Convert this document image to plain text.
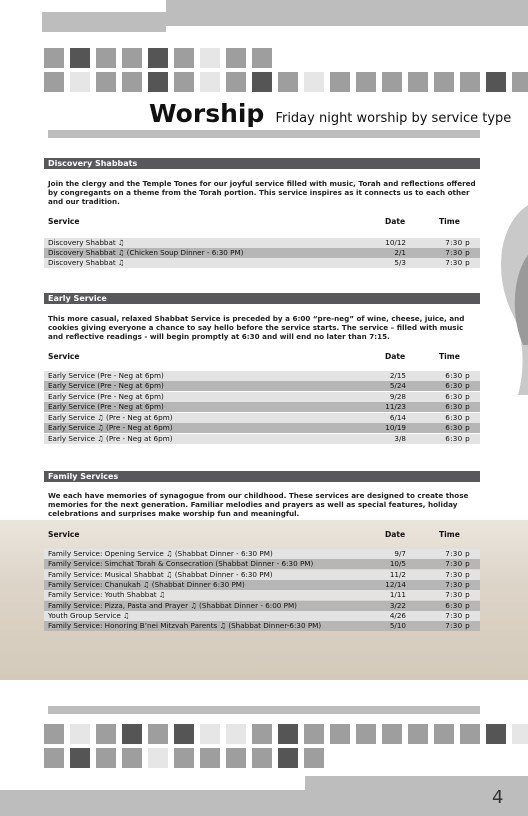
Worship Friday night worship by service type
Discovery Shabbats
Join the clergy and the Temple Tones for our joyful service filled with music, Torah and reflections offered by congregants on a theme from the Torah portion. This service inspires as it connects us to each other and our tradition.
Service	Date	Time
Discovery Shabbat ♫	10/12	7:30 p
Discovery Shabbat ♫ (Chicken Soup Dinner - 6:30 PM)	2/1	7:30 p
Discovery Shabbat ♫	5/3	7:30 p
Early Service
This more casual, relaxed Shabbat Service is preceded by a 6:00 “pre-neg” of wine, cheese, juice, and cookies giving everyone a chance to say hello before the service starts. The service – filled with music and reflective readings - will begin promptly at 6:30 and will end no later than 7:15.
Service	Date	Time
Early Service (Pre - Neg at 6pm)	2/15	6:30 p
Early Service (Pre - Neg at 6pm)	5/24	6:30 p
Early Service (Pre - Neg at 6pm)	9/28	6:30 p
Early Service (Pre - Neg at 6pm)	11/23	6:30 p
Early Service ♫ (Pre - Neg at 6pm)	6/14	6:30 p
Early Service ♫ (Pre - Neg at 6pm)	10/19	6:30 p
Early Service ♫ (Pre - Neg at 6pm)	3/8	6:30 p
Family Services
We each have memories of synagogue from our childhood. These services are designed to create those memories for the next generation. Familiar melodies and prayers as well as special features, holiday celebrations and surprises make worship fun and meaningful.
Service	Date	Time
Family Service: Opening Service ♫ (Shabbat Dinner - 6:30 PM)	9/7	7:30 p
Family Service: Simchat Torah & Consecration (Shabbat Dinner - 6:30 PM)	10/5	7:30 p
Family Service: Musical Shabbat ♫ (Shabbat Dinner - 6:30 PM)	11/2	7:30 p
Family Service: Chanukah ♫ (Shabbat Dinner 6:30 PM)	12/14	7:30 p
Family Service: Youth Shabbat ♫	1/11	7:30 p
Family Service: Pizza, Pasta and Prayer ♫ (Shabbat Dinner - 6:00 PM)	3/22	6:30 p
Youth Group Service ♫	4/26	7:30 p
Family Service: Honoring B’nei Mitzvah Parents ♫ (Shabbat Dinner-6:30 PM)	5/10	7:30 p
4
